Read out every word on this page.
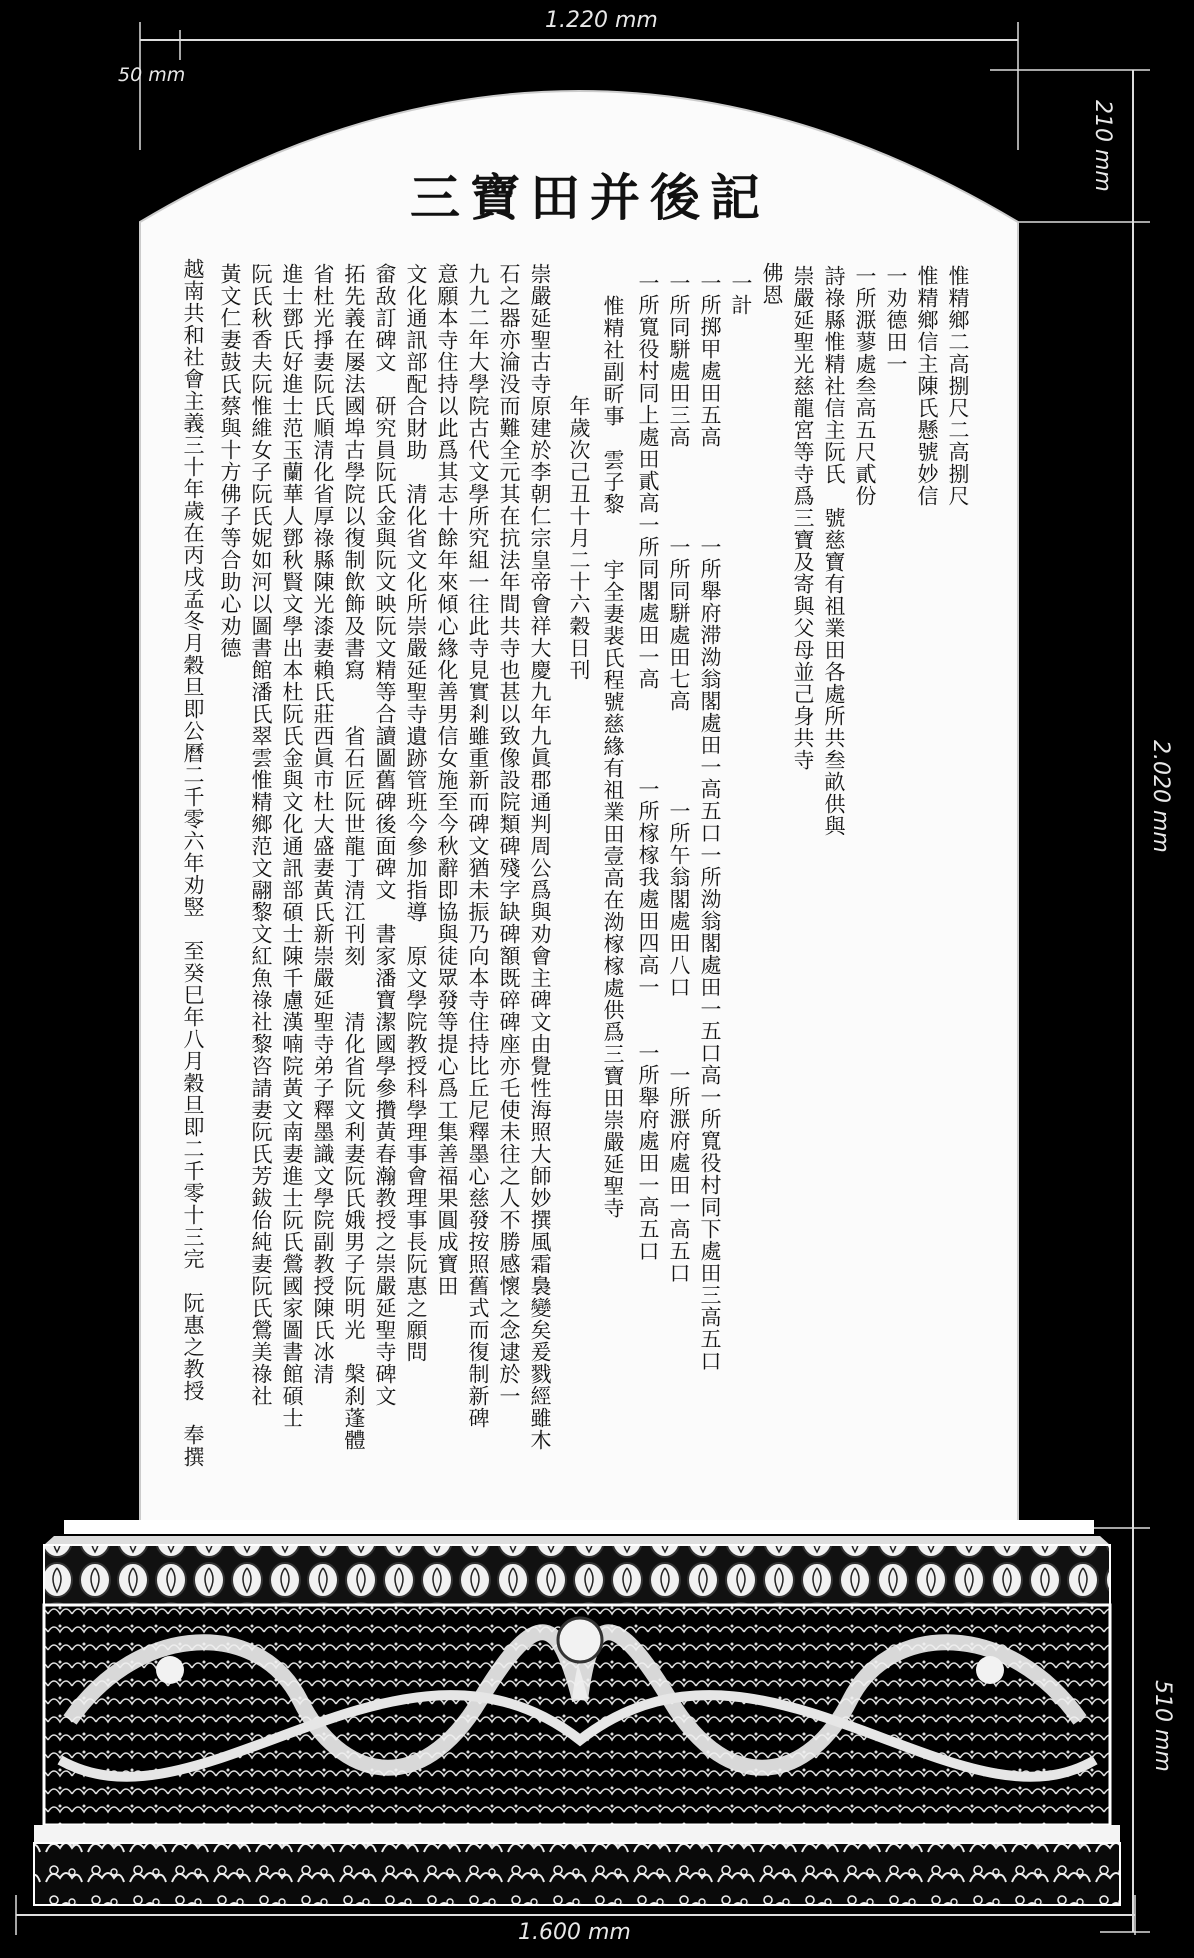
1.220 mm
50 mm
210 mm
2.020 mm
510 mm
1.600 mm
三寶田并後記
惟精鄉二高捌尺二高捌尺
惟精鄉信主陳氏懸號妙信
一劝德田一
一所㴨蓼處叁高五尺貳份
詩祿縣惟精社信主阮氏　號慈寶有祖業田各處所共叁畝供與
崇嚴延聖光慈龍宮等寺爲三寶及寄與父母並己身共寺
佛恩
一計
一所掷甲處田五高　　　　一所舉府滞泑翁閣處田一高五口一所泑翁閣處田一五口高一所寬役村同下處田三高五口
一所同駢處田三高　　　　一所同駢處田七高　　　　一所午翁閣處田八口　　　一所㴨府處田一高五口
一所寬役村同上處田貳高一所同閣處田一高　　　　一所榢榢我處田四高一　　一所舉府處田一高五口
惟精社副㪽事　雲子黎　　宇全妻裴氏程號慈緣有祖業田壹高在泑榢榢處供爲三寶田崇嚴延聖寺
年歲次己丑十月二十六穀日刊
崇嚴延聖古寺原建於李朝仁宗皇帝會祥大慶九年九眞郡通判周公爲與劝會主碑文由覺性海照大師妙撰風霜裊變矣爰戮經雖木
石之器亦淪没而難全元其在抗法年間共寺也甚以致像設院類碑殘字缺碑額既碎碑座亦乇使未往之人不勝感懷之念逮於一
九九二年大學院古代文學所究組一往此寺見實剎雖重新而碑文猶未振乃向本寺住持比丘尼釋墨心慈發按照舊式而復制新碑
意願本寺住持以此爲其志十餘年來傾心緣化善男信女施至今秋辭即協與徒眾發等提心爲工集善福果圓成寶田
文化通訊部配合財助　清化省文化所崇嚴延聖寺遺跡管班今參加指導　原文學院教授科學理事會理事長阮惠之願問
畲敌訂碑文　研究員阮氏金與阮文映阮文精等合讀圖舊碑後面碑文　書家潘寶潔國學參攢黃春瀚教授之崇嚴延聖寺碑文
拓先義在屡法國埠古學院以復制飲飾及書寫　　省石匠阮世龍丁清江刊刻　　清化省阮文利妻阮氏娥男子阮明光　槃刹蓬體
省杜光掙妻阮氏順清化省厚祿縣陳光漆妻賴氏莊西眞市杜大盛妻黃氏新崇嚴延聖寺弟子釋墨識文學院副教授陳氏冰清
進士鄧氏好進士范玉蘭華人鄧秋賢文學出本杜阮氏金與文化通訊部碩士陳千慮漢喃院黃文南妻進士阮氏鶯國家圖書館碩士
阮氏秋香夫阮惟維女子阮氏妮如河以圖書館潘氏翠雲惟精鄉范文翮黎文紅魚祿社黎咨請妻阮氏芳鈸佁純妻阮氏鶯美祿社
黃文仁妻鼓氏蔡與十方佛子等合助心劝德
越南共和社會主義三十年歲在丙戌孟冬月穀旦即公曆二千零六年劝竪　至癸巳年八月穀旦即二千零十三完　阮惠之教授　奉撰
